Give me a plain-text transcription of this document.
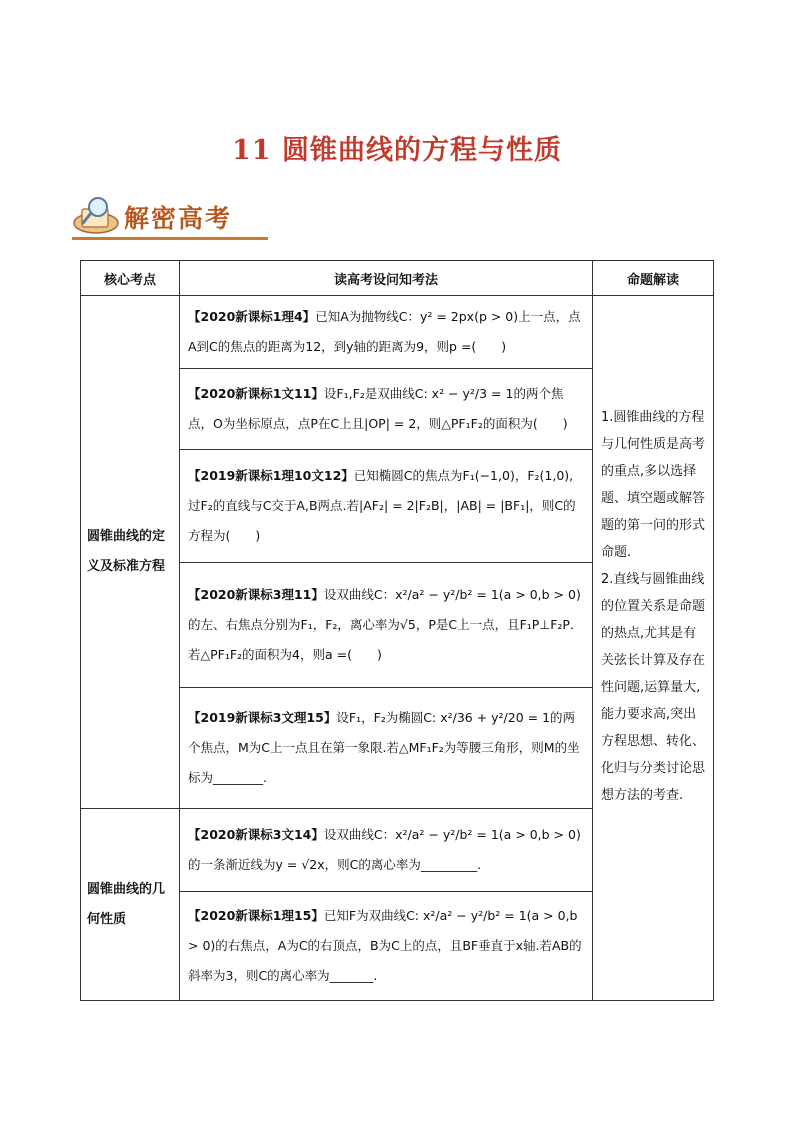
11 圆锥曲线的方程与性质
解密高考
核心考点	读高考设问知考法	命题解读
圆锥曲线的定义及标准方程	【2020新课标1理4】已知A为抛物线C：y² = 2px(p > 0)上一点，点A到C的焦点的距离为12，到y轴的距离为9，则p =(　　)	1.圆锥曲线的方程与几何性质是高考的重点,多以选择题、填空题或解答题的第一问的形式命题.
2.直线与圆锥曲线的位置关系是命题的热点,尤其是有关弦长计算及存在性问题,运算量大,能力要求高,突出方程思想、转化、化归与分类讨论思想方法的考查.
	【2020新课标1文11】设F₁,F₂是双曲线C: x² − y²/3 = 1的两个焦点，O为坐标原点，点P在C上且|OP| = 2，则△PF₁F₂的面积为(　　)	
	【2019新课标1理10文12】已知椭圆C的焦点为F₁(−1,0)，F₂(1,0),过F₂的直线与C交于A,B两点.若|AF₂| = 2|F₂B|，|AB| = |BF₁|，则C的方程为(　　)	
	【2020新课标3理11】设双曲线C：x²/a² − y²/b² = 1(a > 0,b > 0)的左、右焦点分别为F₁，F₂，离心率为√5，P是C上一点，且F₁P⊥F₂P．若△PF₁F₂的面积为4，则a =(　　)	
	【2019新课标3文理15】设F₁，F₂为椭圆C: x²/36 + y²/20 = 1的两个焦点，M为C上一点且在第一象限.若△MF₁F₂为等腰三角形，则M的坐标为________.	
圆锥曲线的几何性质	【2020新课标3文14】设双曲线C：x²/a² − y²/b² = 1(a > 0,b > 0)的一条渐近线为y = √2x，则C的离心率为_________.	
	【2020新课标1理15】已知F为双曲线C: x²/a² − y²/b² = 1(a > 0,b > 0)的右焦点，A为C的右顶点，B为C上的点，且BF垂直于x轴.若AB的斜率为3，则C的离心率为_______.	
